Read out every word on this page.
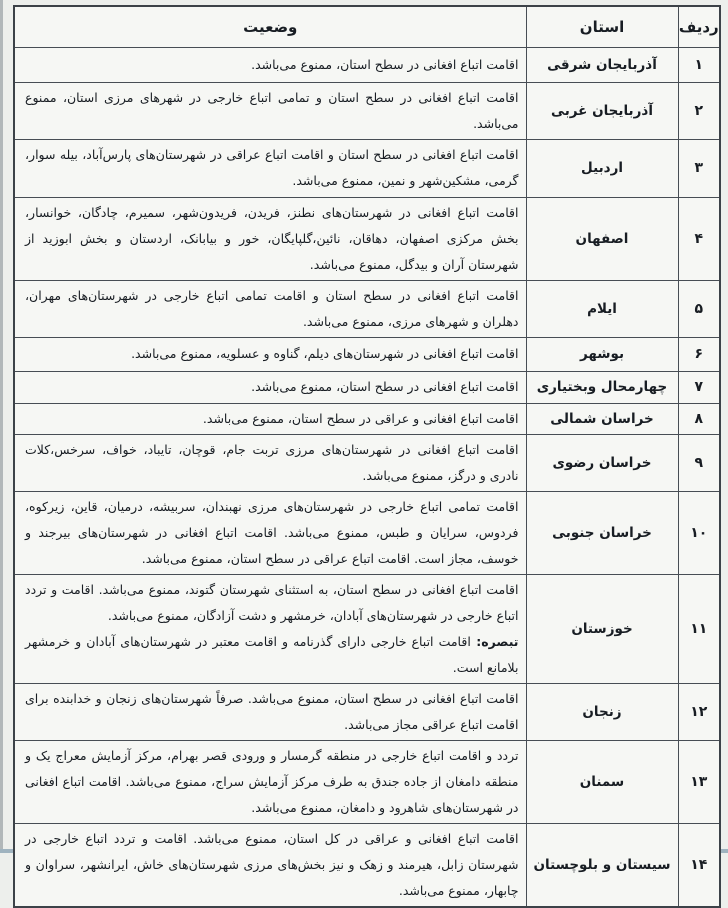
ردیف	استان	وضعیت
۱	آذربایجان شرقی	اقامت اتباع افغانی در سطح استان، ممنوع می‌باشد.

۲	آذربایجان غربی	اقامت اتباع افغانی در سطح استان و تمامی اتباع خارجی در شهرهای مرزی استان، ممنوع می‌باشد.

۳	اردبیل	اقامت اتباع افغانی در سطح استان و اقامت اتباع عراقی در شهرستان‌های پارس‌آباد، بیله سوار، گرمی، مشکین‌شهر و نمین، ممنوع می‌باشد.

۴	اصفهان	اقامت اتباع افغانی در شهرستان‌های نطنز، فریدن، فریدون‌شهر، سمیرم، چادگان، خوانسار، بخش مرکزی اصفهان، دهاقان، نائین،گلپایگان، خور و بیابانک، اردستان و بخش ابوزید از شهرستان آران و بیدگل، ممنوع می‌باشد.

۵	ایلام	اقامت اتباع افغانی در سطح استان و اقامت تمامی اتباع خارجی در شهرستان‌های مهران، دهلران و شهرهای مرزی، ممنوع می‌باشد.

۶	بوشهر	اقامت اتباع افغانی در شهرستان‌های دیلم، گناوه و عسلویه، ممنوع می‌باشد.

۷	چهارمحال وبختیاری	اقامت اتباع افغانی در سطح استان، ممنوع می‌باشد.

۸	خراسان شمالی	اقامت اتباع افغانی و عراقی در سطح استان، ممنوع می‌باشد.

۹	خراسان رضوی	اقامت اتباع افغانی در شهرستان‌های مرزی تربت جام، قوچان، تایباد، خواف، سرخس،کلات نادری و درگز، ممنوع می‌باشد.

۱۰	خراسان جنوبی	اقامت تمامی اتباع خارجی در شهرستان‌های مرزی نهبندان، سربیشه، درمیان، قاین، زیرکوه، فردوس، سرایان و طبس، ممنوع می‌باشد. اقامت اتباع افغانی در شهرستان‌های بیرجند و خوسف، مجاز است. اقامت اتباع عراقی در سطح استان، ممنوع می‌باشد.

۱۱	خوزستان	اقامت اتباع افغانی در سطح استان، به استثنای شهرستان گتوند، ممنوع می‌باشد. اقامت و تردد اتباع خارجی در شهرستان‌های آبادان، خرمشهر و دشت آزادگان، ممنوع می‌باشد.

تبصره: اقامت اتباع خارجی دارای گذرنامه و اقامت معتبر در شهرستان‌های آبادان و خرمشهر بلامانع است.

۱۲	زنجان	اقامت اتباع افغانی در سطح استان، ممنوع می‌باشد. صرفاً شهرستان‌های زنجان و خدابنده برای اقامت اتباع عراقی مجاز می‌باشد.

۱۳	سمنان	تردد و اقامت اتباع خارجی در منطقه گرمسار و ورودی قصر بهرام، مرکز آزمایش معراج یک و منطقه دامغان از جاده جندق به طرف مرکز آزمایش سراج، ممنوع می‌باشد. اقامت اتباع افغانی در شهرستان‌های شاهرود و دامغان، ممنوع می‌باشد.

۱۴	سیستان و بلوچستان	اقامت اتباع افغانی و عراقی در کل استان، ممنوع می‌باشد. اقامت و تردد اتباع خارجی در شهرستان زابل، هیرمند و زهک و نیز بخش‌های مرزی شهرستان‌های خاش، ایرانشهر، سراوان و چابهار، ممنوع می‌باشد.
